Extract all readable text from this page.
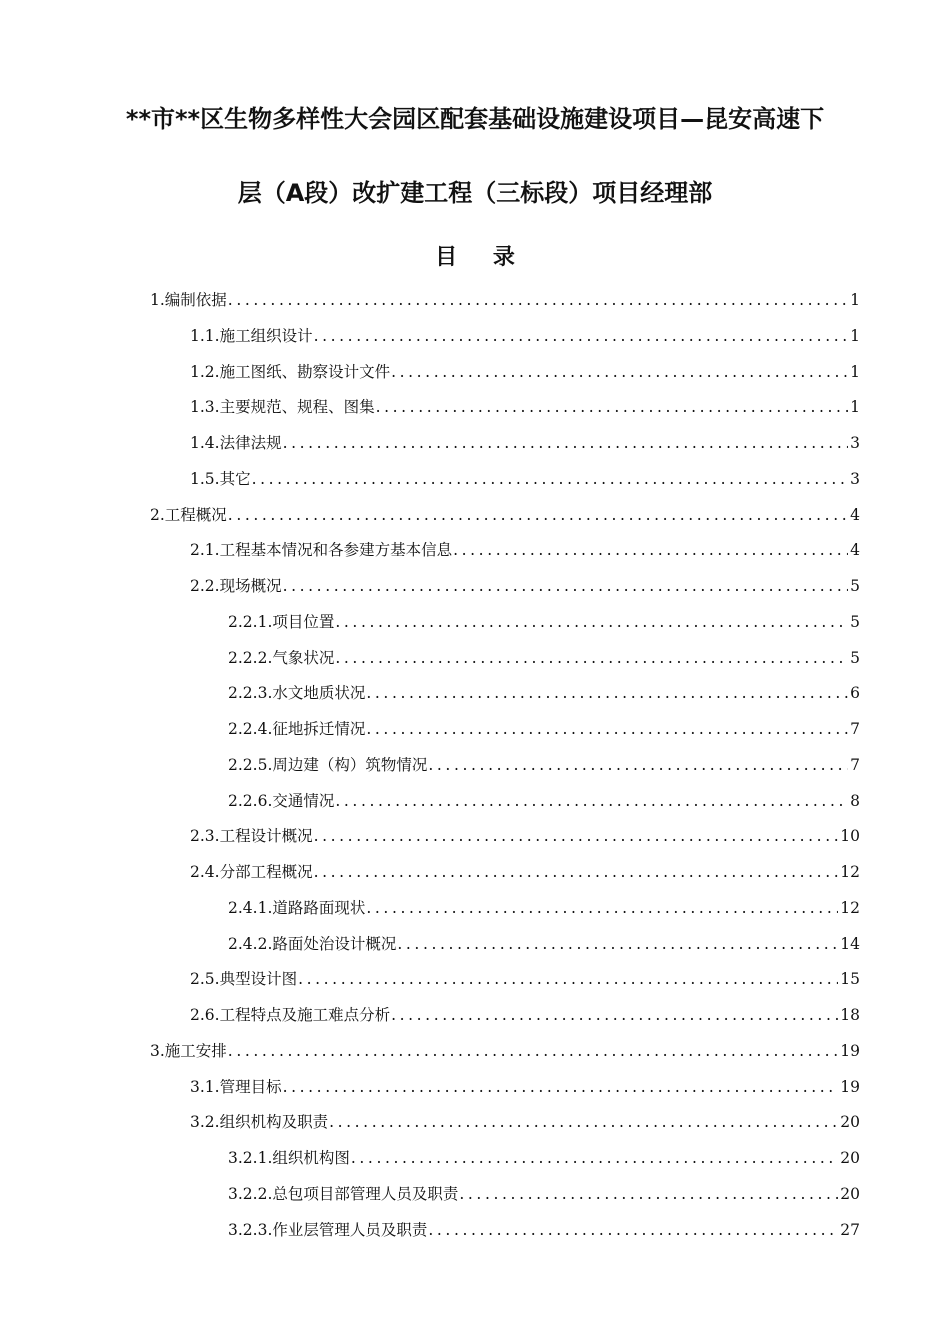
**市**区生物多样性大会园区配套基础设施建设项目—昆安高速下
层（A段）改扩建工程（三标段）项目经理部
目 录
1.编制依据 .....	1
1.1.施工组织设计 .....	1
1.2.施工图纸、勘察设计文件 .....	1
1.3.主要规范、规程、图集 .....	1
1.4.法律法规 .....	3
1.5.其它 .....	3
2.工程概况 .....	4
2.1.工程基本情况和各参建方基本信息 .....	4
2.2.现场概况 .....	5
2.2.1.项目位置 .....	5
2.2.2.气象状况 .....	5
2.2.3.水文地质状况 .....	6
2.2.4.征地拆迁情况 .....	7
2.2.5.周边建（构）筑物情况 .....	7
2.2.6.交通情况 .....	8
2.3.工程设计概况 .....	10
2.4.分部工程概况 .....	12
2.4.1.道路路面现状 .....	12
2.4.2.路面处治设计概况 .....	14
2.5.典型设计图 .....	15
2.6.工程特点及施工难点分析 .....	18
3.施工安排 .....	19
3.1.管理目标 .....	19
3.2.组织机构及职责 .....	20
3.2.1.组织机构图 .....	20
3.2.2.总包项目部管理人员及职责 .....	20
3.2.3.作业层管理人员及职责 .....	27
